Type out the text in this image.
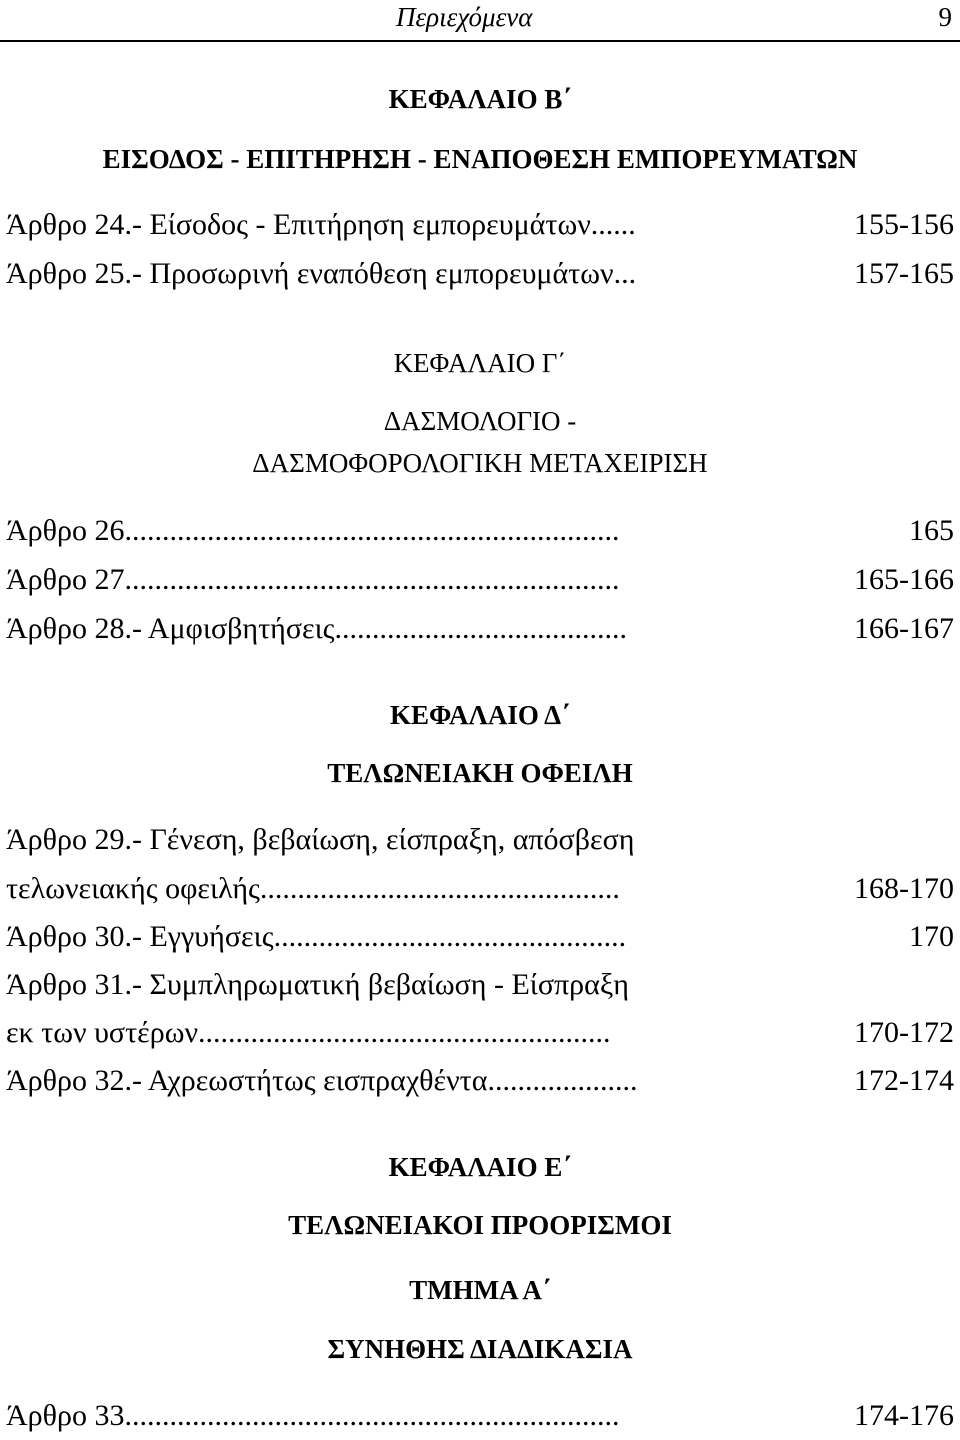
Περιεχόμενα	9
ΚΕΦΑΛΑΙΟ Β΄
ΕΙΣΟΔΟΣ - ΕΠΙΤΗΡΗΣΗ - ΕΝΑΠΟΘΕΣΗ ΕΜΠΟΡΕΥΜΑΤΩΝ
Άρθρο 24.- Είσοδος - Επιτήρηση εμπορευμάτων......	155-156
Άρθρο 25.- Προσωρινή εναπόθεση εμπορευμάτων...	157-165
ΚΕΦΑΛΑΙΟ Γ΄
ΔΑΣΜΟΛΟΓΙΟ -
ΔΑΣΜΟΦΟΡΟΛΟΓΙΚΗ ΜΕΤΑΧΕΙΡΙΣΗ
Άρθρο 26..................................................................	165
Άρθρο 27..................................................................	165-166
Άρθρο 28.- Αμφισβητήσεις.......................................	166-167
ΚΕΦΑΛΑΙΟ Δ΄
ΤΕΛΩΝΕΙΑΚΗ ΟΦΕΙΛΗ
Άρθρο 29.- Γένεση, βεβαίωση, είσπραξη, απόσβεση
τελωνειακής οφειλής................................................	168-170
Άρθρο 30.- Εγγυήσεις...............................................	170
Άρθρο 31.- Συμπληρωματική βεβαίωση - Είσπραξη
εκ των υστέρων.......................................................	170-172
Άρθρο 32.- Αχρεωστήτως εισπραχθέντα....................	172-174
ΚΕΦΑΛΑΙΟ Ε΄
ΤΕΛΩΝΕΙΑΚΟΙ ΠΡΟΟΡΙΣΜΟΙ
ΤΜΗΜΑ Α΄
ΣΥΝΗΘΗΣ ΔΙΑΔΙΚΑΣΙΑ
Άρθρο 33..................................................................	174-176
